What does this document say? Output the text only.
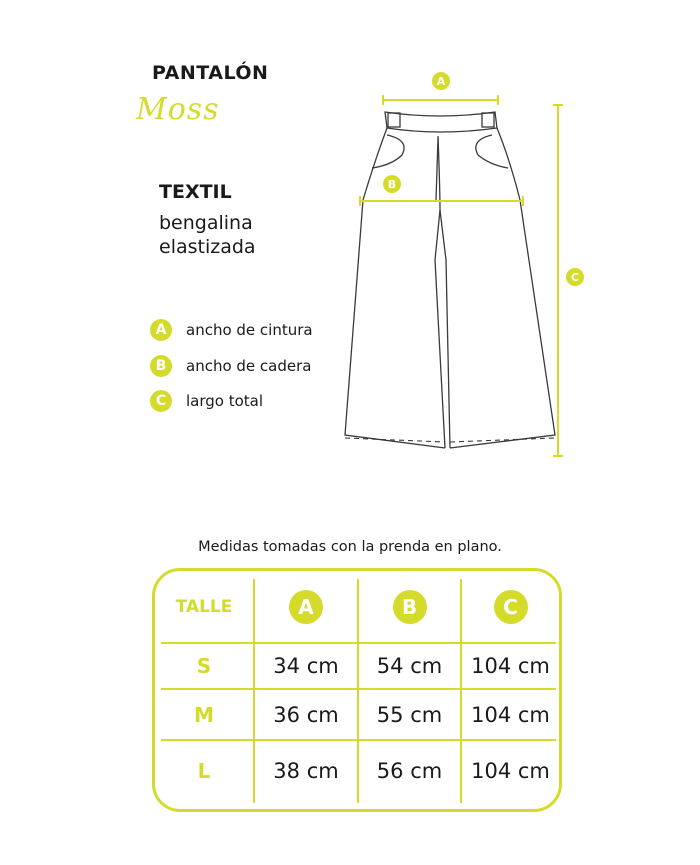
PANTALÓN
Moss
TEXTIL
bengalina
elastizada
A	ancho de cintura
B	ancho de cadera
C	largo total
A
B
C
Medidas tomadas con la prenda en plano.
TALLE	A	B	C
S	34 cm	54 cm	104 cm
M	36 cm	55 cm	104 cm
L	38 cm	56 cm	104 cm
